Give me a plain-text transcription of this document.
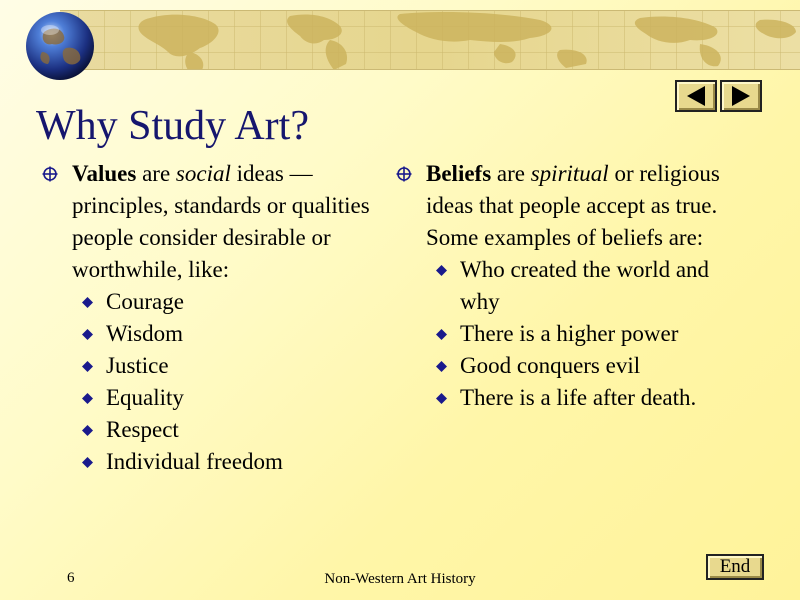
Why Study Art?
Values are social ideas — principles, standards or qualities people consider desirable or worthwhile, like:
Courage
Wisdom
Justice
Equality
Respect
Individual freedom
Beliefs are spiritual or religious ideas that people accept as true. Some examples of beliefs are:
Who created the world and why
There is a higher power
Good conquers evil
There is a life after death.
6	Non-Western Art History
End
